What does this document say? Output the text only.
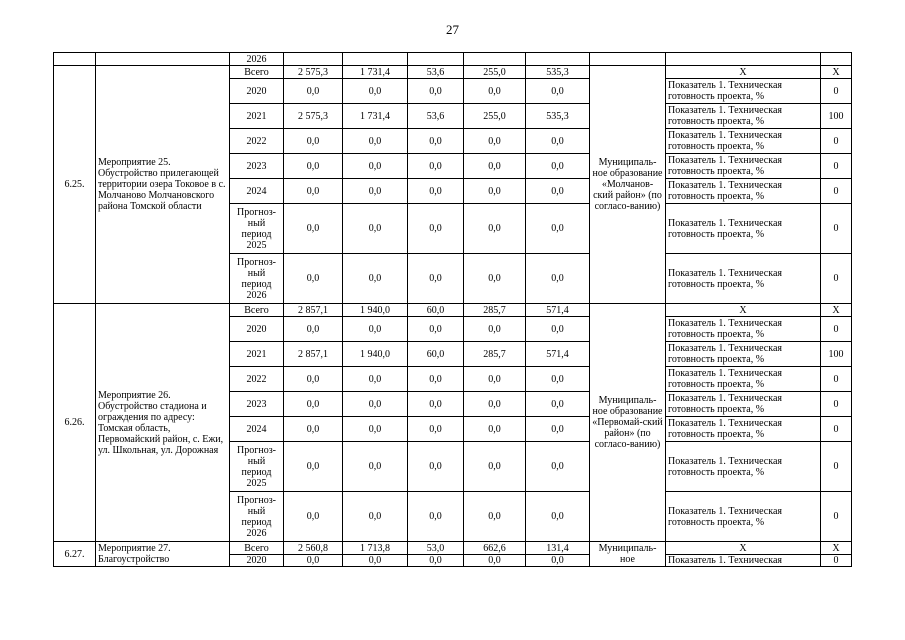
27
		2026								
6.25.	Мероприятие 25. Обустройство прилегающей территории озера Токовое в с. Молчаново Молчановского района Томской области	Всего	2 575,3	1 731,4	53,6	255,0	535,3	Муниципаль-ное образование «Молчанов-ский район» (по согласо-ванию)	Х	Х
		2020	0,0	0,0	0,0	0,0	0,0		Показатель 1. Техническая готовность проекта, %	0
		2021	2 575,3	1 731,4	53,6	255,0	535,3		Показатель 1. Техническая готовность проекта, %	100
		2022	0,0	0,0	0,0	0,0	0,0		Показатель 1. Техническая готовность проекта, %	0
		2023	0,0	0,0	0,0	0,0	0,0		Показатель 1. Техническая готовность проекта, %	0
		2024	0,0	0,0	0,0	0,0	0,0		Показатель 1. Техническая готовность проекта, %	0
		Прогноз-ный период 2025	0,0	0,0	0,0	0,0	0,0		Показатель 1. Техническая готовность проекта, %	0
		Прогноз-ный период 2026	0,0	0,0	0,0	0,0	0,0		Показатель 1. Техническая готовность проекта, %	0
6.26.	Мероприятие 26. Обустройство стадиона и ограждения по адресу: Томская область, Первомайский район, с. Ежи, ул. Школьная, ул. Дорожная	Всего	2 857,1	1 940,0	60,0	285,7	571,4	Муниципаль-ное образование «Первомай-ский район» (по согласо-ванию)	Х	Х
		2020	0,0	0,0	0,0	0,0	0,0		Показатель 1. Техническая готовность проекта, %	0
		2021	2 857,1	1 940,0	60,0	285,7	571,4		Показатель 1. Техническая готовность проекта, %	100
		2022	0,0	0,0	0,0	0,0	0,0		Показатель 1. Техническая готовность проекта, %	0
		2023	0,0	0,0	0,0	0,0	0,0		Показатель 1. Техническая готовность проекта, %	0
		2024	0,0	0,0	0,0	0,0	0,0		Показатель 1. Техническая готовность проекта, %	0
		Прогноз-ный период 2025	0,0	0,0	0,0	0,0	0,0		Показатель 1. Техническая готовность проекта, %	0
		Прогноз-ный период 2026	0,0	0,0	0,0	0,0	0,0		Показатель 1. Техническая готовность проекта, %	0
6.27.	Мероприятие 27. Благоустройство	Всего	2 560,8	1 713,8	53,0	662,6	131,4	Муниципаль-ное	Х	Х
		2020	0,0	0,0	0,0	0,0	0,0		Показатель 1. Техническая	0
